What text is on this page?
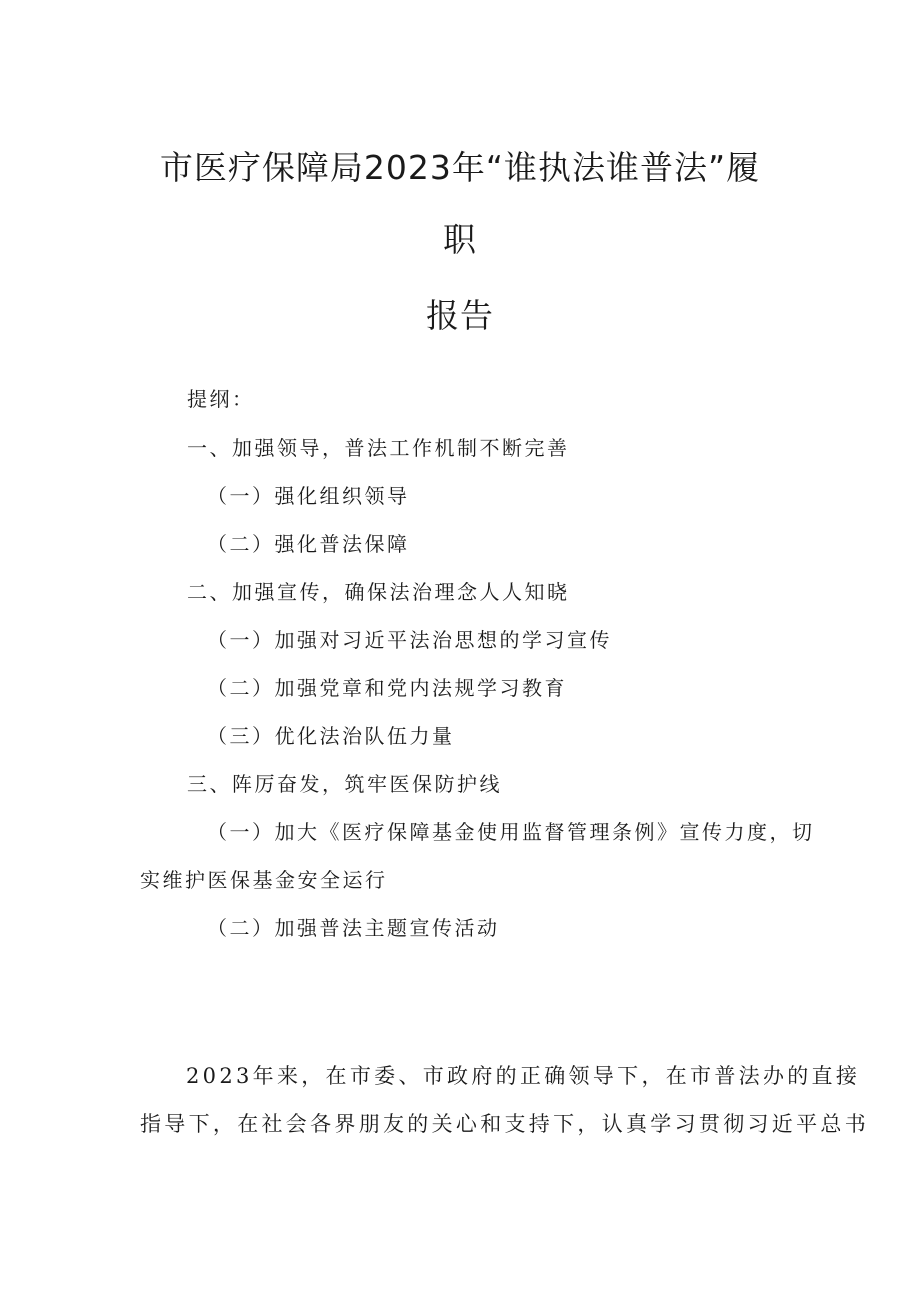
市医疗保障局2023年“谁执法谁普法”履
职
报告
提纲：
一、加强领导，普法工作机制不断完善
（一）强化组织领导
（二）强化普法保障
二、加强宣传，确保法治理念人人知晓
（一）加强对习近平法治思想的学习宣传
（二）加强党章和党内法规学习教育
（三）优化法治队伍力量
三、阵厉奋发，筑牢医保防护线
（一）加大《医疗保障基金使用监督管理条例》宣传力度，切
实维护医保基金安全运行
（二）加强普法主题宣传活动
2023年来，在市委、市政府的正确领导下，在市普法办的直接
指导下，在社会各界朋友的关心和支持下，认真学习贯彻习近平总书
